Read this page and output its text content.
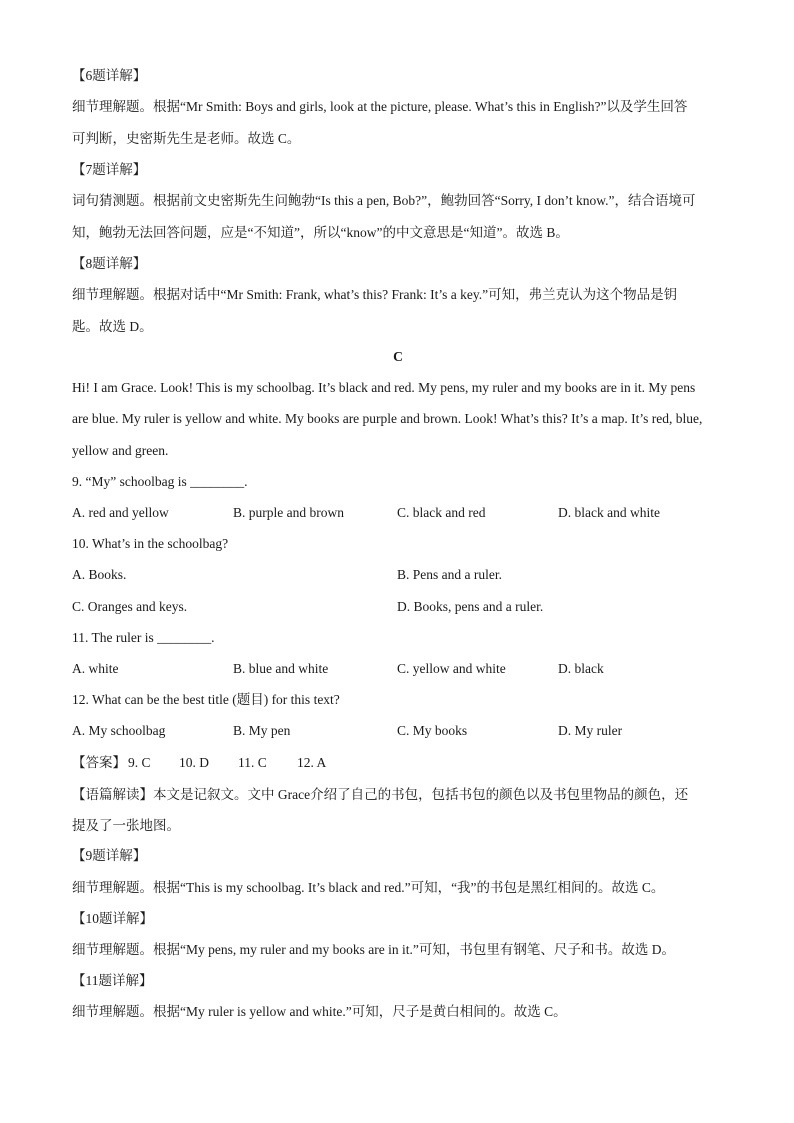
【6题详解】
细节理解题。根据“Mr Smith: Boys and girls, look at the picture, please. What’s this in English?”以及学生回答
可判断，史密斯先生是老师。故选 C。
【7题详解】
词句猜测题。根据前文史密斯先生问鲍勃“Is this a pen, Bob?”，鲍勃回答“Sorry, I don’t know.”，结合语境可
知，鲍勃无法回答问题，应是“不知道”，所以“know”的中文意思是“知道”。故选 B。
【8题详解】
细节理解题。根据对话中“Mr Smith: Frank, what’s this? Frank: It’s a key.”可知，弗兰克认为这个物品是钥
匙。故选 D。
C
Hi! I am Grace. Look! This is my schoolbag. It’s black and red. My pens, my ruler and my books are in it. My pens
are blue. My ruler is yellow and white. My books are purple and brown. Look! What’s this? It’s a map. It’s red, blue,
yellow and green.
9. “My” schoolbag is ________.
A. red and yellow	B. purple and brown	C. black and red	D. black and white
10. What’s in the schoolbag?
A. Books.	B. Pens and a ruler.
C. Oranges and keys.	D. Books, pens and a ruler.
11. The ruler is ________.
A. white	B. blue and white	C. yellow and white	D. black
12. What can be the best title (题目) for this text?
A. My schoolbag	B. My pen	C. My books	D. My ruler
【答案】 9. C 10. D 11. C 12. A
【语篇解读】本文是记叙文。文中 Grace介绍了自己的书包，包括书包的颜色以及书包里物品的颜色，还
提及了一张地图。
【9题详解】
细节理解题。根据“This is my schoolbag. It’s black and red.”可知，“我”的书包是黑红相间的。故选 C。
【10题详解】
细节理解题。根据“My pens, my ruler and my books are in it.”可知，书包里有钢笔、尺子和书。故选 D。
【11题详解】
细节理解题。根据“My ruler is yellow and white.”可知，尺子是黄白相间的。故选 C。
